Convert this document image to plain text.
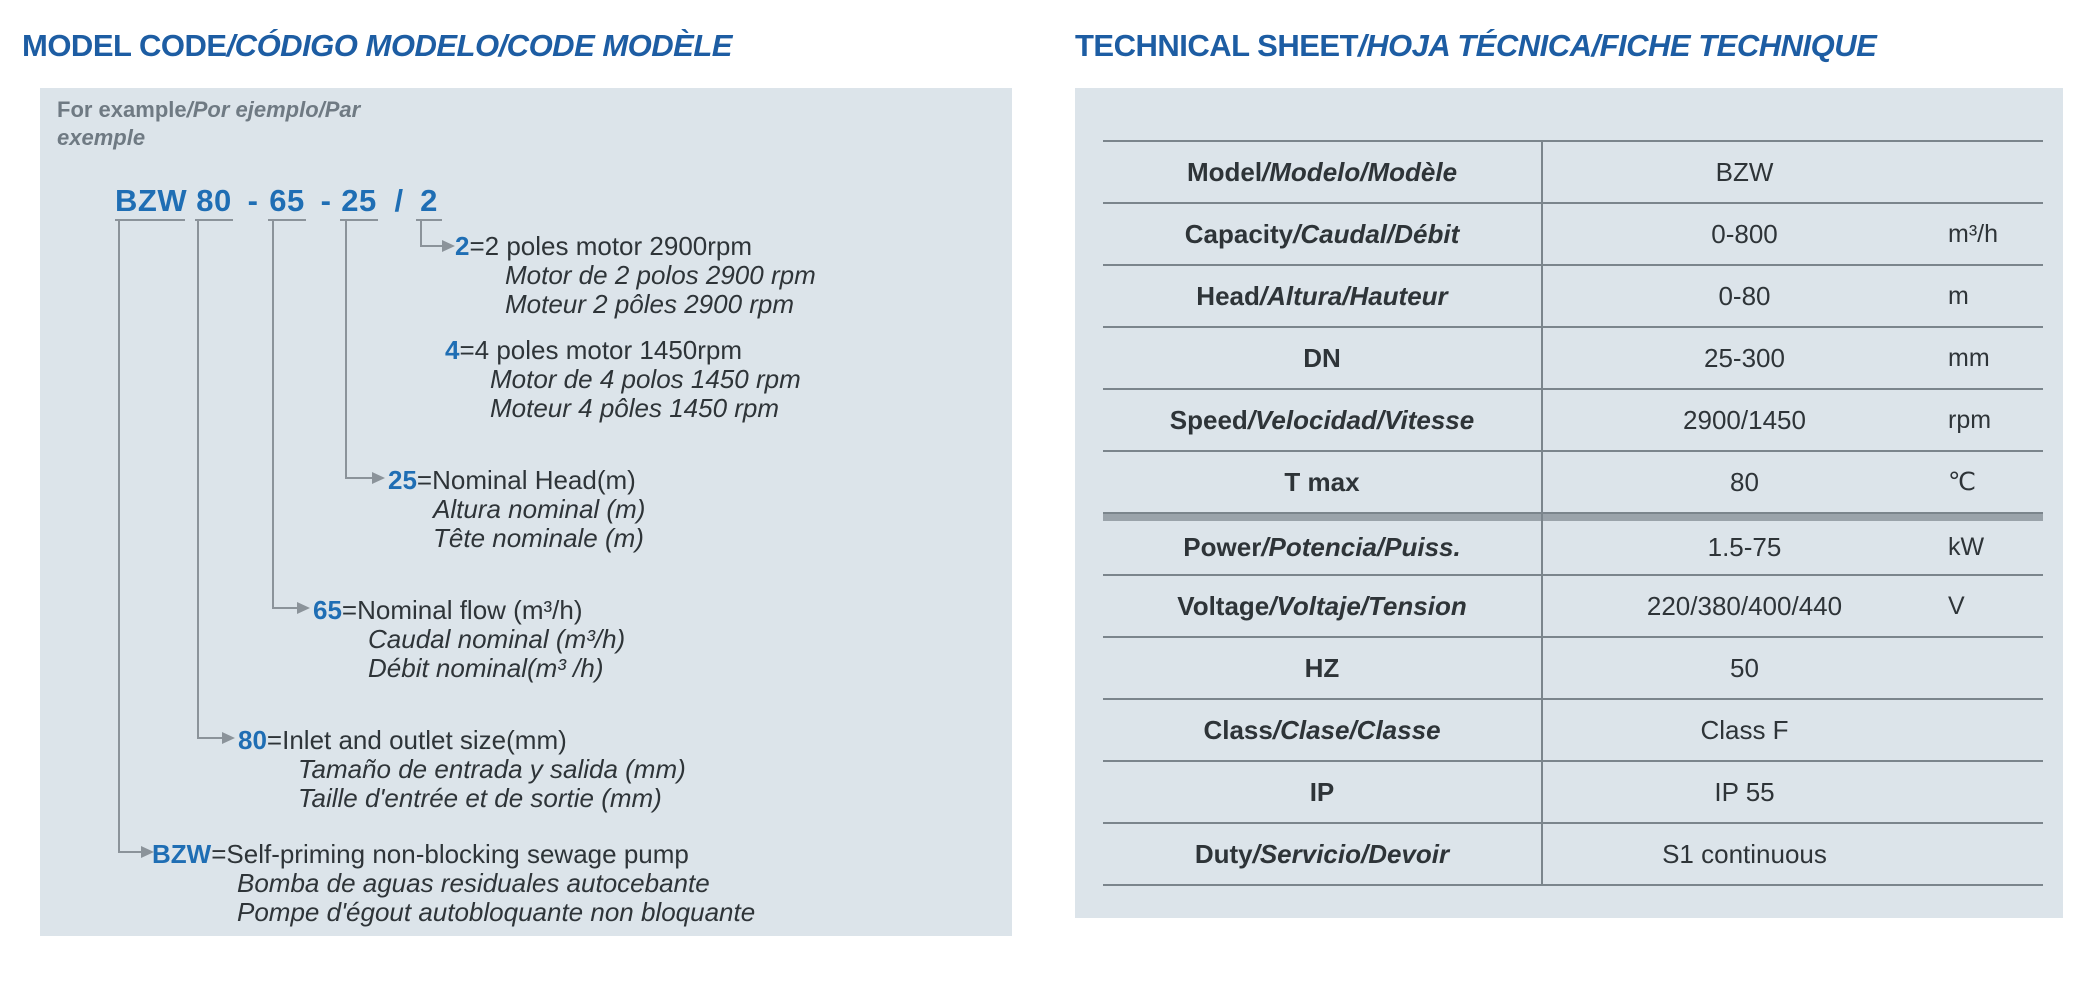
MODEL CODE/CÓDIGO MODELO/CODE MODÈLE
For example/Por ejemplo/Par
exemple
BZW 80 - 65 - 25 / 2
2=2 poles motor 2900rpm
Motor de 2 polos 2900 rpm
Moteur 2 pôles 2900 rpm
4=4 poles motor 1450rpm
Motor de 4 polos 1450 rpm
Moteur 4 pôles 1450 rpm
25=Nominal Head(m)
Altura nominal (m)
Tête nominale (m)
65=Nominal flow (m³/h)
Caudal nominal (m³/h)
Débit nominal(m³ /h)
80=Inlet and outlet size(mm)
Tamaño de entrada y salida (mm)
Taille d'entrée et de sortie (mm)
BZW=Self-priming non-blocking sewage pump
Bomba de aguas residuales autocebante
Pompe d'égout autobloquante non bloquante
TECHNICAL SHEET/HOJA TÉCNICA/FICHE TECHNIQUE
Model/Modelo/Modèle	BZW
Capacity/Caudal/Débit	0-800	m³/h
Head/Altura/Hauteur	0-80	m
DN	25-300	mm
Speed/Velocidad/Vitesse	2900/1450	rpm
T max	80	℃
Power/Potencia/Puiss.	1.5-75	kW
Voltage/Voltaje/Tension	220/380/400/440	V
HZ	50
Class/Clase/Classe	Class F
IP	IP 55
Duty/Servicio/Devoir	S1 continuous
